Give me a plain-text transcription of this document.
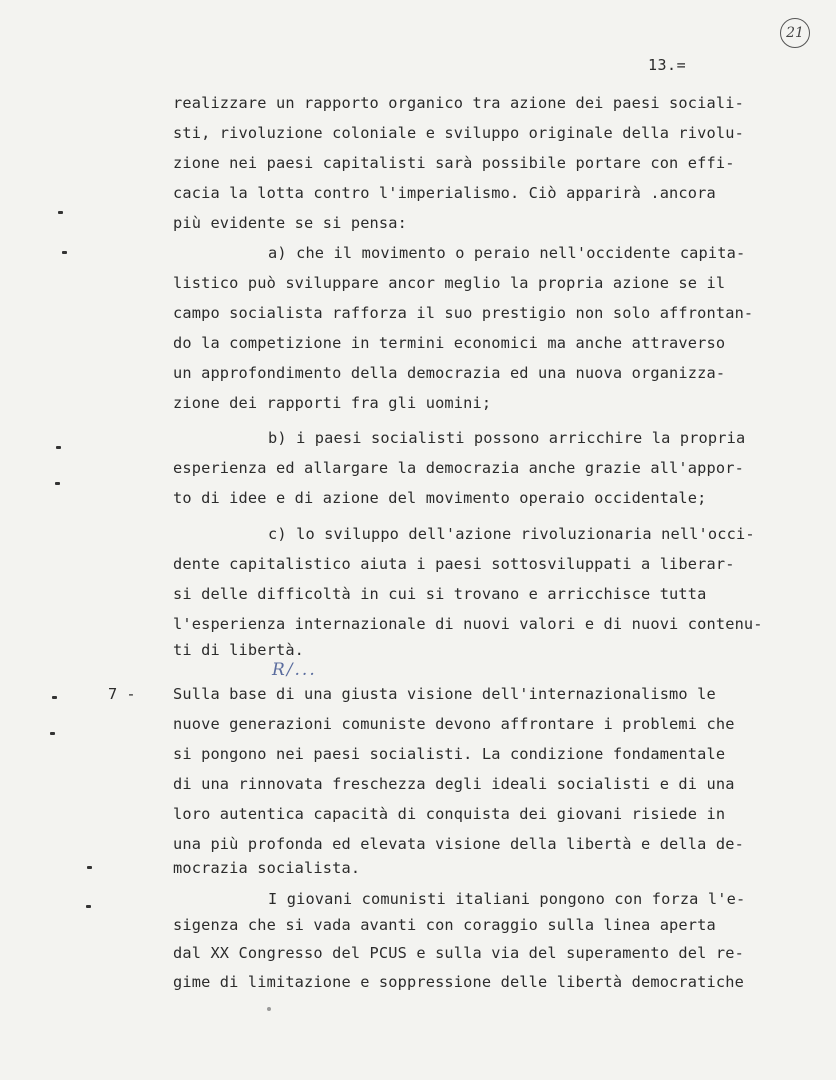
21
13.=
realizzare un rapporto organico tra azione dei paesi sociali-
sti, rivoluzione coloniale e sviluppo originale della rivolu-
zione nei paesi capitalisti sarà possibile portare con effi-
cacia la lotta contro l'imperialismo. Ciò apparirà .ancora
più evidente se si pensa:
a) che il movimento o peraio nell'occidente capita-
listico può sviluppare ancor meglio la propria azione se il
campo socialista rafforza il suo prestigio non solo affrontan-
do la competizione in termini economici ma anche attraverso
un approfondimento della democrazia ed una nuova organizza-
zione dei rapporti fra gli uomini;
b) i paesi socialisti possono arricchire la propria
esperienza ed allargare la democrazia anche grazie all'appor-
to di idee e di azione del movimento operaio occidentale;
c) lo sviluppo dell'azione rivoluzionaria nell'occi-
dente capitalistico aiuta i paesi sottosviluppati a liberar-
si delle difficoltà in cui si trovano e arricchisce tutta
l'esperienza internazionale di nuovi valori e di nuovi contenu-
ti di libertà.
R/...
7 - Sulla base di una giusta visione dell'internazionalismo le
nuove generazioni comuniste devono affrontare i problemi che
si pongono nei paesi socialisti. La condizione fondamentale
di una rinnovata freschezza degli ideali socialisti e di una
loro autentica capacità di conquista dei giovani risiede in
una più profonda ed elevata visione della libertà e della de-
mocrazia socialista.
I giovani comunisti italiani pongono con forza l'e-
sigenza che si vada avanti con coraggio sulla linea aperta
dal XX Congresso del PCUS e sulla via del superamento del re-
gime di limitazione e soppressione delle libertà democratiche
